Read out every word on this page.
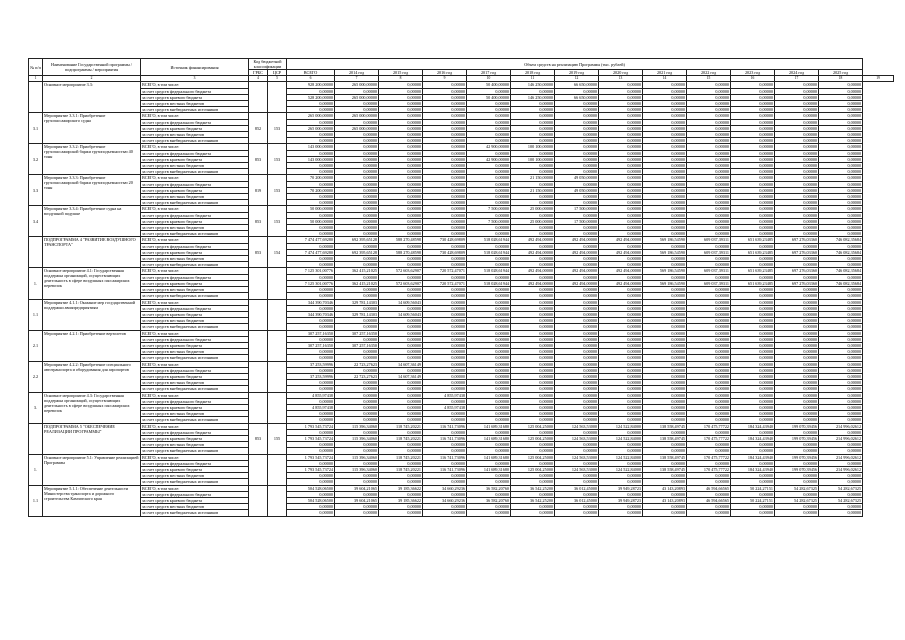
№ п/п	Наименование Государственной программы / подпрограммы / мероприятия	Источник финансирования	Код бюджетной классификации		Объем средств на реализацию Программы (тыс. рублей)													
			ГРБС	ЦСР	ВСЕГО	2014 год	2015 год	2016 год	2017 год	2018 год	2019 год	2020 год	2021 год	2022 год	2023 год	2024 год	2025 год	

1	2	3	4	5	6	7	8	9	10	11	12	13	14	15	16	17	18	19
	Основное мероприятие 3.3:	ВСЕГО, в том числе:			928 200,00000	265 000,00000	0,00000	0,00000	50 400,00000	146 250,00000	66 650,00000	0,00000	0,00000	0,00000	0,00000	0,00000	0,00000	
		за счет средств федерального бюджета			0,00000	0,00000	0,00000	0,00000	0,00000	0,00000	0,00000	0,00000	0,00000	0,00000	0,00000	0,00000	0,00000	
		за счет средств краевого бюджета			528 200,00000	265 000,00000	0,00000	0,00000	50 400,00000	146 250,00000	66 650,00000	0,00000	0,00000	0,00000	0,00000	0,00000	0,00000	
		за счет средств местных бюджетов			0,00000	0,00000	0,00000	0,00000	0,00000	0,00000	0,00000	0,00000	0,00000	0,00000	0,00000	0,00000	0,00000	
		за счет средств внебюджетных источников			0,00000	0,00000	0,00000	0,00000	0,00000	0,00000	0,00000	0,00000	0,00000	0,00000	0,00000	0,00000	0,00000	
3.1	Мероприятие 3.3.1: Приобретение грузопассажирского судна	ВСЕГО, в том числе:	852	153	265 000,00000	265 000,00000	0,00000	0,00000	0,00000	0,00000	0,00000	0,00000	0,00000	0,00000	0,00000	0,00000	0,00000	
		за счет средств федерального бюджета			0,00000	0,00000	0,00000	0,00000	0,00000	0,00000	0,00000	0,00000	0,00000	0,00000	0,00000	0,00000	0,00000	
		за счет средств краевого бюджета			265 000,00000	265 000,00000	0,00000	0,00000	0,00000	0,00000	0,00000	0,00000	0,00000	0,00000	0,00000	0,00000	0,00000	
		за счет средств местных бюджетов			0,00000	0,00000	0,00000	0,00000	0,00000	0,00000	0,00000	0,00000	0,00000	0,00000	0,00000	0,00000	0,00000	
		за счет средств внебюджетных источников			0,00000	0,00000	0,00000	0,00000	0,00000	0,00000	0,00000	0,00000	0,00000	0,00000	0,00000	0,00000	0,00000	
3.2	Мероприятие 3.3.2: Приобретение грузопассажирской баржи грузоподъемностью 40 тонн	ВСЕГО, в том числе:	853	153	143 000,00000	0,00000	0,00000	0,00000	42 900,00000	100 100,00000	0,00000	0,00000	0,00000	0,00000	0,00000	0,00000	0,00000	
		за счет средств федерального бюджета			0,00000	0,00000	0,00000	0,00000	0,00000	0,00000	0,00000	0,00000	0,00000	0,00000	0,00000	0,00000	0,00000	
		за счет средств краевого бюджета			143 000,00000	0,00000	0,00000	0,00000	42 900,00000	100 100,00000	0,00000	0,00000	0,00000	0,00000	0,00000	0,00000	0,00000	
		за счет средств местных бюджетов			0,00000	0,00000	0,00000	0,00000	0,00000	0,00000	0,00000	0,00000	0,00000	0,00000	0,00000	0,00000	0,00000	
		за счет средств внебюджетных источников			0,00000	0,00000	0,00000	0,00000	0,00000	0,00000	0,00000	0,00000	0,00000	0,00000	0,00000	0,00000	0,00000	
3.3	Мероприятие 3.3.3: Приобретение грузопассажирской баржи грузоподъемностью 20 тонн	ВСЕГО, в том числе:	819	153	70 200,00000	0,00000	0,00000	0,00000	0,00000	21 150,00000	49 050,00000	0,00000	0,00000	0,00000	0,00000	0,00000	0,00000	
		за счет средств федерального бюджета			0,00000	0,00000	0,00000	0,00000	0,00000	0,00000	0,00000	0,00000	0,00000	0,00000	0,00000	0,00000	0,00000	
		за счет средств краевого бюджета			70 200,00000	0,00000	0,00000	0,00000	0,00000	21 150,00000	49 050,00000	0,00000	0,00000	0,00000	0,00000	0,00000	0,00000	
		за счет средств местных бюджетов			0,00000	0,00000	0,00000	0,00000	0,00000	0,00000	0,00000	0,00000	0,00000	0,00000	0,00000	0,00000	0,00000	
		за счет средств внебюджетных источников			0,00000	0,00000	0,00000	0,00000	0,00000	0,00000	0,00000	0,00000	0,00000	0,00000	0,00000	0,00000	0,00000	
3.4	Мероприятие 3.3.4: Приобретение судна на воздушной подушке	ВСЕГО, в том числе:	853	153	50 000,00000	0,00000	0,00000	0,00000	7 500,00000	25 000,00000	17 500,00000	0,00000	0,00000	0,00000	0,00000	0,00000	0,00000	
		за счет средств федерального бюджета			0,00000	0,00000	0,00000	0,00000	0,00000	0,00000	0,00000	0,00000	0,00000	0,00000	0,00000	0,00000	0,00000	
		за счет средств краевого бюджета			50 000,00000	0,00000	0,00000	0,00000	7 500,00000	25 000,00000	17 500,00000	0,00000	0,00000	0,00000	0,00000	0,00000	0,00000	
		за счет средств местных бюджетов			0,00000	0,00000	0,00000	0,00000	0,00000	0,00000	0,00000	0,00000	0,00000	0,00000	0,00000	0,00000	0,00000	
		за счет средств внебюджетных источников			0,00000	0,00000	0,00000	0,00000	0,00000	0,00000	0,00000	0,00000	0,00000	0,00000	0,00000	0,00000	0,00000	
	ПОДПРОГРАММА 4 "РАЗВИТИЕ ВОЗДУШНОГО ТРАНСПОРТА"	ВСЕГО, в том числе:	853	154	7 474 477,69280	692 395,65128	588 270,48598	730 428,69809	518 028,61944	492 494,00000	492 494,00000	492 494,00000	569 186,54590	609 037,39311	651 639,23485	697 276,03360	746 082,35684	
		за счет средств федерального бюджета			0,00000	0,00000	0,00000	0,00000	0,00000	0,00000	0,00000	0,00000	0,00000	0,00000	0,00000	0,00000	0,00000	
		за счет средств краевого бюджета			7 474 477,69280	692 395,65128	588 270,48598	730 428,69809	518 028,61944	492 494,00000	492 494,00000	492 494,00000	569 186,54590	609 037,39311	651 639,23485	697 276,03360	746 082,35684	
		за счет средств местных бюджетов			0,00000	0,00000	0,00000	0,00000	0,00000	0,00000	0,00000	0,00000	0,00000	0,00000	0,00000	0,00000	0,00000	
		за счет средств внебюджетных источников			0,00000	0,00000	0,00000	0,00000	0,00000	0,00000	0,00000	0,00000	0,00000	0,00000	0,00000	0,00000	0,00000	
1.	Основное мероприятие 4.1: Государственная поддержка организаций, осуществляющих деятельность в сфере воздушных пассажирских перевозок	ВСЕГО, в том числе:			7 125 301,00776	362 415,21025	572 603,62907	720 572,47071	518 028,61944	492 494,00000	492 494,00000	492 494,00000	569 186,54590	609 037,39311	651 639,23485	697 276,03360	746 082,35684	
		за счет средств федерального бюджета			0,00000	0,00000	0,00000	0,00000	0,00000	0,00000	0,00000	0,00000	0,00000	0,00000	0,00000	0,00000	0,00000	
		за счет средств краевого бюджета			7 125 301,00776	362 415,21025	572 603,62907	720 572,47071	518 028,61944	492 494,00000	492 494,00000	492 494,00000	569 186,54590	609 037,39311	651 639,23485	697 276,03360	746 082,35684	
		за счет средств местных бюджетов			0,00000	0,00000	0,00000	0,00000	0,00000	0,00000	0,00000	0,00000	0,00000	0,00000	0,00000	0,00000	0,00000	
		за счет средств внебюджетных источников			0,00000	0,00000	0,00000	0,00000	0,00000	0,00000	0,00000	0,00000	0,00000	0,00000	0,00000	0,00000	0,00000	
1.1	Мероприятие 4.1.1: Оказание мер государственной поддержки авиапредприятиям	ВСЕГО, в том числе:			344 390,70346	329 781,14303	14 609,56043	0,00000	0,00000	0,00000	0,00000	0,00000	0,00000	0,00000	0,00000	0,00000	0,00000	
		за счет средств федерального бюджета			0,00000	0,00000	0,00000	0,00000	0,00000	0,00000	0,00000	0,00000	0,00000	0,00000	0,00000	0,00000	0,00000	
		за счет средств краевого бюджета			344 390,70346	329 781,14303	14 609,56043	0,00000	0,00000	0,00000	0,00000	0,00000	0,00000	0,00000	0,00000	0,00000	0,00000	
		за счет средств местных бюджетов			0,00000	0,00000	0,00000	0,00000	0,00000	0,00000	0,00000	0,00000	0,00000	0,00000	0,00000	0,00000	0,00000	
		за счет средств внебюджетных источников			0,00000	0,00000	0,00000	0,00000	0,00000	0,00000	0,00000	0,00000	0,00000	0,00000	0,00000	0,00000	0,00000	
2.1	Мероприятие 4.2.1: Приобретение вертолетов	ВСЕГО, в том числе:			307 257,16350	307 257,16350	0,00000	0,00000	0,00000	0,00000	0,00000	0,00000	0,00000	0,00000	0,00000	0,00000	0,00000	
		за счет средств федерального бюджета			0,00000	0,00000	0,00000	0,00000	0,00000	0,00000	0,00000	0,00000	0,00000	0,00000	0,00000	0,00000	0,00000	
		за счет средств краевого бюджета			307 257,16350	307 257,16350	0,00000	0,00000	0,00000	0,00000	0,00000	0,00000	0,00000	0,00000	0,00000	0,00000	0,00000	
		за счет средств местных бюджетов			0,00000	0,00000	0,00000	0,00000	0,00000	0,00000	0,00000	0,00000	0,00000	0,00000	0,00000	0,00000	0,00000	
		за счет средств внебюджетных источников			0,00000	0,00000	0,00000	0,00000	0,00000	0,00000	0,00000	0,00000	0,00000	0,00000	0,00000	0,00000	0,00000	
2.2	Мероприятие 4.2.2: Приобретение специального автотранспорта и оборудования для аэропортов	ВСЕГО, в том числе:			37 253,59996	22 723,27623	14 607,36149	0,00000	0,00000	0,00000	0,00000	0,00000	0,00000	0,00000	0,00000	0,00000	0,00000	
		за счет средств федерального бюджета			0,00000	0,00000	0,00000	0,00000	0,00000	0,00000	0,00000	0,00000	0,00000	0,00000	0,00000	0,00000	0,00000	
		за счет средств краевого бюджета			37 253,59996	22 723,27623	14 607,36149	0,00000	0,00000	0,00000	0,00000	0,00000	0,00000	0,00000	0,00000	0,00000	0,00000	
		за счет средств местных бюджетов			0,00000	0,00000	0,00000	0,00000	0,00000	0,00000	0,00000	0,00000	0,00000	0,00000	0,00000	0,00000	0,00000	
		за счет средств внебюджетных источников			0,00000	0,00000	0,00000	0,00000	0,00000	0,00000	0,00000	0,00000	0,00000	0,00000	0,00000	0,00000	0,00000	
3.	Основное мероприятие 4.3: Государственная поддержка организаций, осуществляющих деятельность в сфере воздушных пассажирских перевозок	ВСЕГО, в том числе:			4 855,97438	0,00000	0,00000	4 855,97438	0,00000	0,00000	0,00000	0,00000	0,00000	0,00000	0,00000	0,00000	0,00000	
		за счет средств федерального бюджета			0,00000	0,00000	0,00000	0,00000	0,00000	0,00000	0,00000	0,00000	0,00000	0,00000	0,00000	0,00000	0,00000	
		за счет средств краевого бюджета			4 855,97438	0,00000	0,00000	4 855,97438	0,00000	0,00000	0,00000	0,00000	0,00000	0,00000	0,00000	0,00000	0,00000	
		за счет средств местных бюджетов			0,00000	0,00000	0,00000	0,00000	0,00000	0,00000	0,00000	0,00000	0,00000	0,00000	0,00000	0,00000	0,00000	
		за счет средств внебюджетных источников			0,00000	0,00000	0,00000	0,00000	0,00000	0,00000	0,00000	0,00000	0,00000	0,00000	0,00000	0,00000	0,00000	
	ПОДПРОГРАММА 5 "ОБЕСПЕЧЕНИЕ РЕАЛИЗАЦИИ ПРОГРАММЫ"	ВСЕГО, в том числе:	853	155	1 793 545,73724	115 396,34060	118 745,20221	116 741,73096	141 689,31680	125 004,25000	124 563,53000	124 522,84000	138 558,49745	170 475,77722	184 324,43940	199 070,39456	214 996,02612	
		за счет средств федерального бюджета			0,00000	0,00000	0,00000	0,00000	0,00000	0,00000	0,00000	0,00000	0,00000	0,00000	0,00000	0,00000	0,00000	
		за счет средств краевого бюджета			1 793 545,73724	115 396,34060	118 745,20221	116 741,73096	141 689,31680	125 004,25000	124 563,53000	124 522,84000	138 558,49745	170 475,77722	184 324,43940	199 070,39456	214 996,02612	
		за счет средств местных бюджетов			0,00000	0,00000	0,00000	0,00000	0,00000	0,00000	0,00000	0,00000	0,00000	0,00000	0,00000	0,00000	0,00000	
		за счет средств внебюджетных источников			0,00000	0,00000	0,00000	0,00000	0,00000	0,00000	0,00000	0,00000	0,00000	0,00000	0,00000	0,00000	0,00000	
1.	Основное мероприятие 5.1: Управление реализацией Программы	ВСЕГО, в том числе:			1 793 545,73724	115 396,34060	118 745,20221	116 741,73096	141 689,31680	125 004,25000	124 563,53000	124 522,84000	138 558,49745	170 475,77722	184 324,43940	199 070,39456	214 996,02612	
		за счет средств федерального бюджета			0,00000	0,00000	0,00000	0,00000	0,00000	0,00000	0,00000	0,00000	0,00000	0,00000	0,00000	0,00000	0,00000	
		за счет средств краевого бюджета			1 793 545,73724	115 396,34060	118 745,20221	116 741,73096	141 689,31680	125 004,25000	124 563,53000	124 522,84000	138 558,49745	170 475,77722	184 324,43940	199 070,39456	214 996,02612	
		за счет средств местных бюджетов			0,00000	0,00000	0,00000	0,00000	0,00000	0,00000	0,00000	0,00000	0,00000	0,00000	0,00000	0,00000	0,00000	
		за счет средств внебюджетных источников			0,00000	0,00000	0,00000	0,00000	0,00000	0,00000	0,00000	0,00000	0,00000	0,00000	0,00000	0,00000	0,00000	
1.1	Мероприятие 5.1.1: Обеспечение деятельности Министерства транспорта и дорожного строительства Камчатского края	ВСЕГО, в том числе:			504 528,06500	39 604,21065	39 185,36622	34 660,29236	36 582,20760	36 542,25200	36 012,45000	39 949,28723	43 143,20893	46 594,66565	50 224,27151	54 282,67325	54 282,67325	
		за счет средств федерального бюджета			0,00000	0,00000	0,00000	0,00000	0,00000	0,00000	0,00000	0,00000	0,00000	0,00000	0,00000	0,00000	0,00000	
		за счет средств краевого бюджета			504 528,06500	39 604,21065	39 185,36622	34 660,29236	36 582,20760	36 542,25200	36 012,45000	39 949,28723	43 143,20893	46 594,66565	50 224,27151	54 282,67325	54 282,67325	
		за счет средств местных бюджетов			0,00000	0,00000	0,00000	0,00000	0,00000	0,00000	0,00000	0,00000	0,00000	0,00000	0,00000	0,00000	0,00000	
		за счет средств внебюджетных источников			0,00000	0,00000	0,00000	0,00000	0,00000	0,00000	0,00000	0,00000	0,00000	0,00000	0,00000	0,00000	0,00000	
